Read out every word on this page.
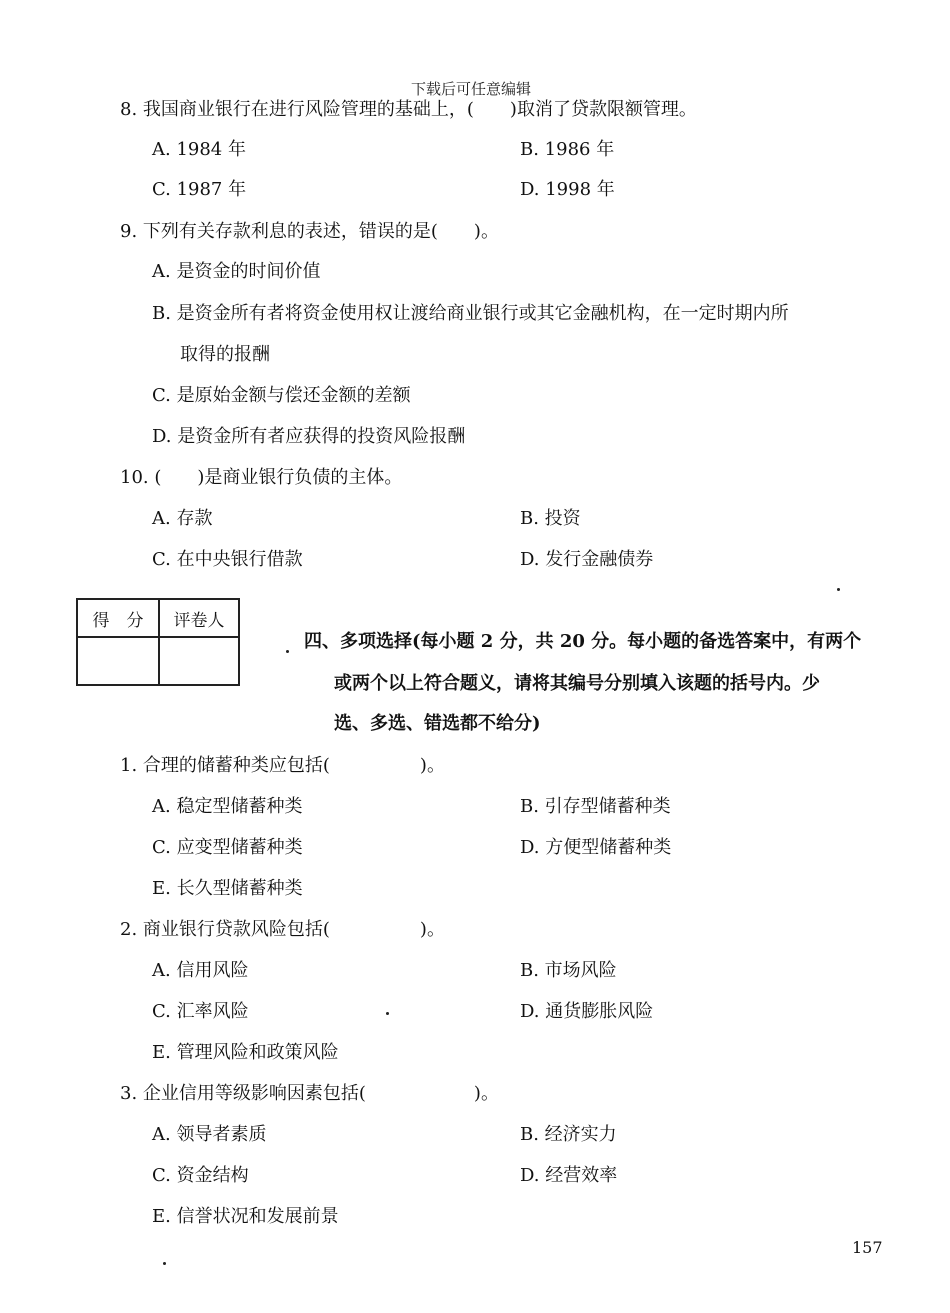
下载后可任意编辑
8. 我国商业银行在进行风险管理的基础上，(　　)取消了贷款限额管理。
A. 1984 年	B. 1986 年
C. 1987 年	D. 1998 年
9. 下列有关存款利息的表述，错误的是(　　)。
A. 是资金的时间价值
B. 是资金所有者将资金使用权让渡给商业银行或其它金融机构，在一定时期内所
取得的报酬
C. 是原始金额与偿还金额的差额
D. 是资金所有者应获得的投资风险报酬
10. (　　)是商业银行负债的主体。
A. 存款	B. 投资
C. 在中央银行借款	D. 发行金融债券
得　分	评卷人

四、多项选择(每小题 2 分，共 20 分。每小题的备选答案中，有两个
或两个以上符合题义，请将其编号分别填入该题的括号内。少
选、多选、错选都不给分)
1. 合理的储蓄种类应包括(　　　　　)。
A. 稳定型储蓄种类	B. 引存型储蓄种类
C. 应变型储蓄种类	D. 方便型储蓄种类
E. 长久型储蓄种类
2. 商业银行贷款风险包括(　　　　　)。
A. 信用风险	B. 市场风险
C. 汇率风险	D. 通货膨胀风险
E. 管理风险和政策风险
3. 企业信用等级影响因素包括(　　　　　　)。
A. 领导者素质	B. 经济实力
C. 资金结构	D. 经营效率
E. 信誉状况和发展前景
157
